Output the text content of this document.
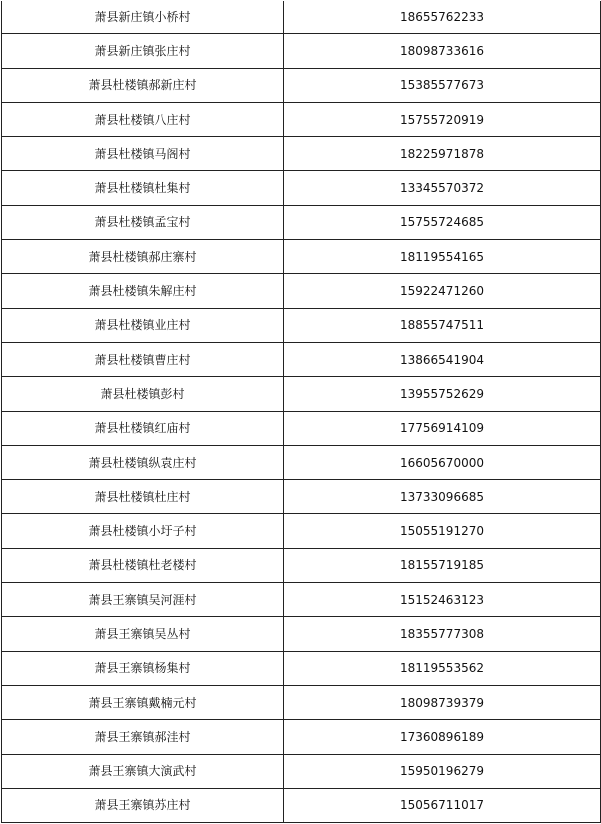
萧县新庄镇小桥村	18655762233
萧县新庄镇张庄村	18098733616
萧县杜楼镇郝新庄村	15385577673
萧县杜楼镇八庄村	15755720919
萧县杜楼镇马阁村	18225971878
萧县杜楼镇杜集村	13345570372
萧县杜楼镇孟宝村	15755724685
萧县杜楼镇郝庄寨村	18119554165
萧县杜楼镇朱解庄村	15922471260
萧县杜楼镇业庄村	18855747511
萧县杜楼镇曹庄村	13866541904
萧县杜楼镇彭村	13955752629
萧县杜楼镇红庙村	17756914109
萧县杜楼镇纵袁庄村	16605670000
萧县杜楼镇杜庄村	13733096685
萧县杜楼镇小圩子村	15055191270
萧县杜楼镇杜老楼村	18155719185
萧县王寨镇吴河涯村	15152463123
萧县王寨镇吴丛村	18355777308
萧县王寨镇杨集村	18119553562
萧县王寨镇戴楠元村	18098739379
萧县王寨镇郝洼村	17360896189
萧县王寨镇大演武村	15950196279
萧县王寨镇苏庄村	15056711017
